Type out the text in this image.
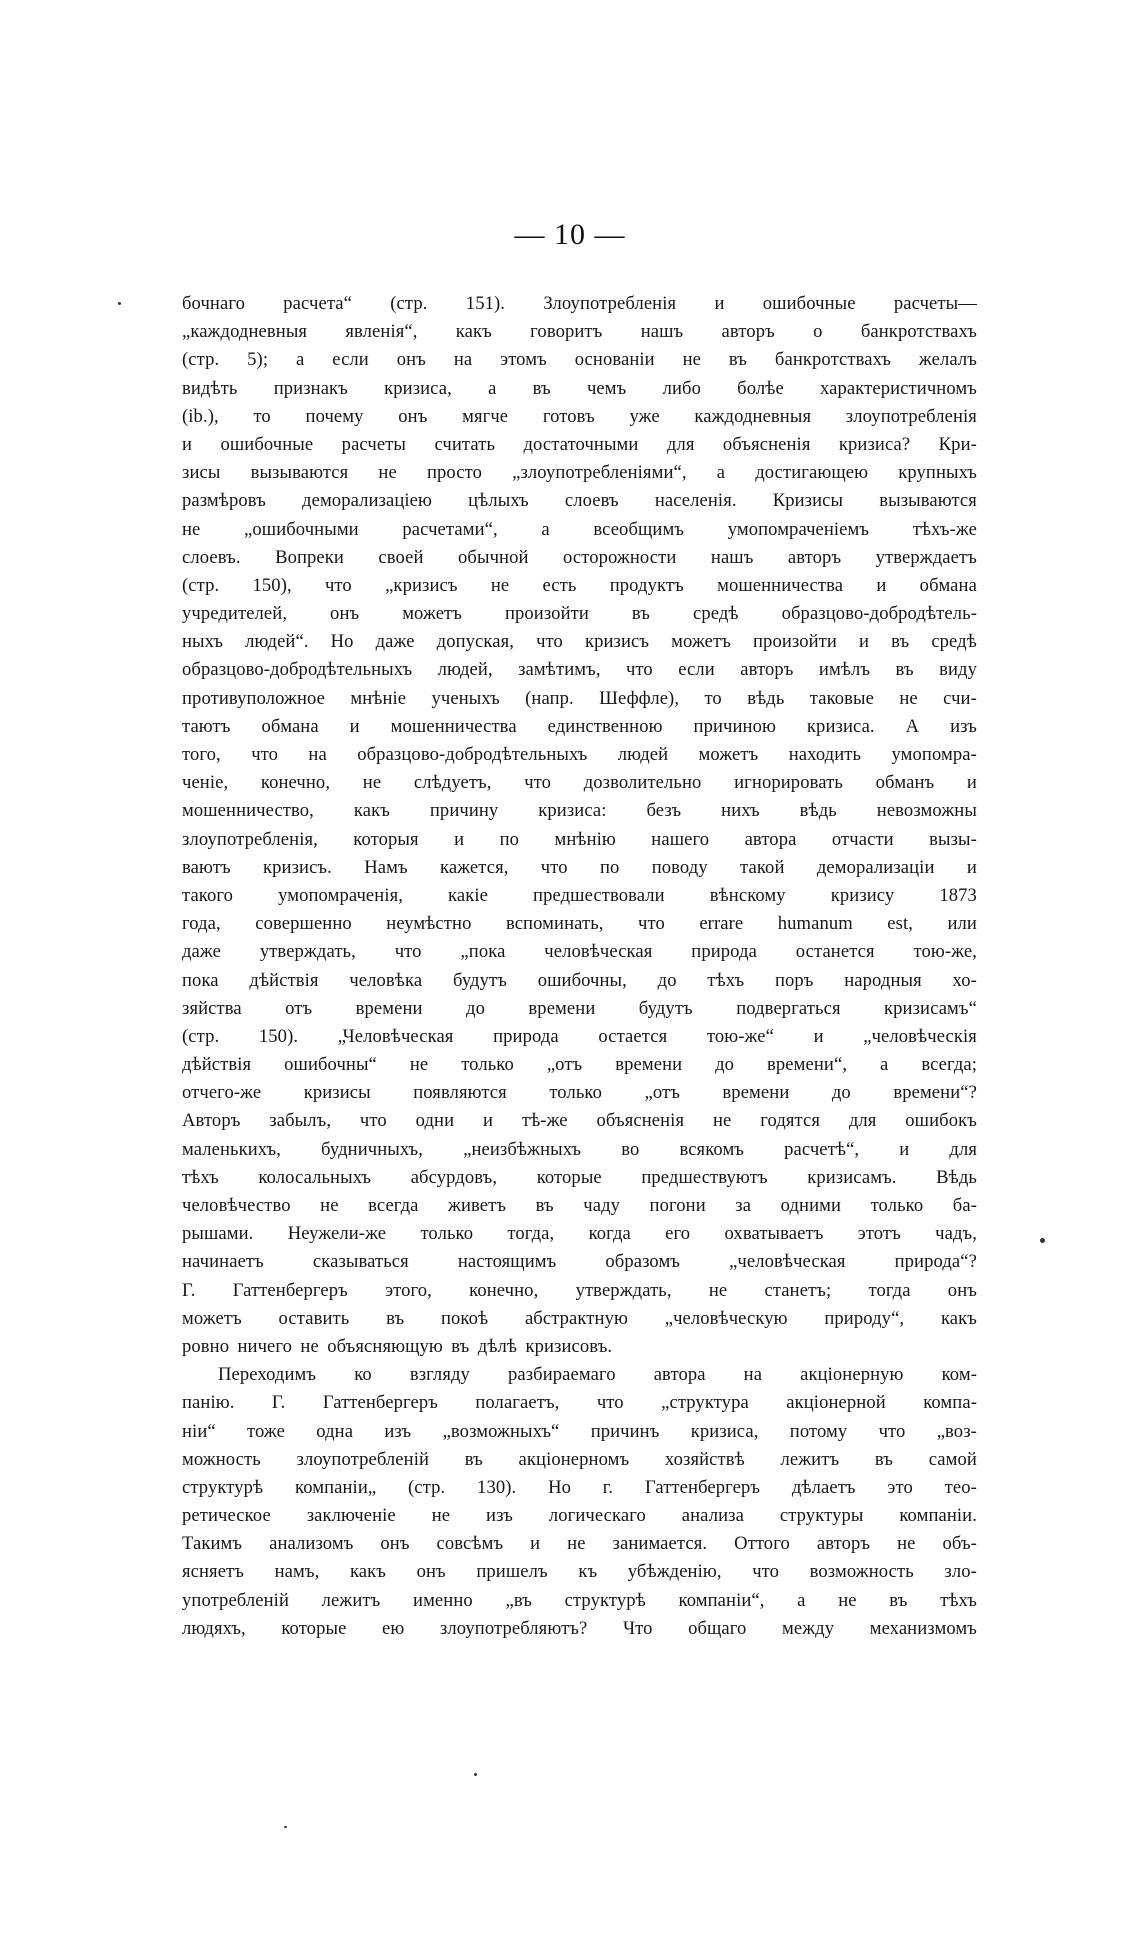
— 10 —
бочнаго расчета“ (стр. 151). Злоупотребленія и ошибочные расчеты—
„каждодневныя явленія“, какъ говоритъ нашъ авторъ о банкротствахъ
(стр. 5); а если онъ на этомъ основаніи не въ банкротствахъ желалъ
видѣть признакъ кризиса, а въ чемъ либо болѣе характеристичномъ
(ib.), то почему онъ мягче готовъ уже каждодневныя злоупотребленія
и ошибочные расчеты считать достаточными для объясненія кризиса? Кри-
зисы вызываются не просто „злоупотребленіями“, а достигающею крупныхъ
размѣровъ деморализаціею цѣлыхъ слоевъ населенія. Кризисы вызываются
не „ошибочными расчетами“, а всеобщимъ умопомраченіемъ тѣхъ-же
слоевъ. Вопреки своей обычной осторожности нашъ авторъ утверждаетъ
(стр. 150), что „кризисъ не есть продуктъ мошенничества и обмана
учредителей, онъ можетъ произойти въ средѣ образцово-добродѣтель-
ныхъ людей“. Но даже допуская, что кризисъ можетъ произойти и въ средѣ
образцово-добродѣтельныхъ людей, замѣтимъ, что если авторъ имѣлъ въ виду
противуположное мнѣніе ученыхъ (напр. Шеффле), то вѣдь таковые не счи-
таютъ обмана и мошенничества единственною причиною кризиса. А изъ
того, что на образцово-добродѣтельныхъ людей можетъ находить умопомра-
ченіе, конечно, не слѣдуетъ, что дозволительно игнорировать обманъ и
мошенничество, какъ причину кризиса: безъ нихъ вѣдь невозможны
злоупотребленія, которыя и по мнѣнію нашего автора отчасти вызы-
ваютъ кризисъ. Намъ кажется, что по поводу такой деморализаціи и
такого умопомраченія, какіе предшествовали вѣнскому кризису 1873
года, совершенно неумѣстно вспоминать, что errare humanum est, или
даже утверждать, что „пока человѣческая природа останется тою-же,
пока дѣйствія человѣка будутъ ошибочны, до тѣхъ поръ народныя хо-
зяйства отъ времени до времени будутъ подвергаться кризисамъ“
(стр. 150). „Человѣческая природа остается тою-же“ и „человѣческія
дѣйствія ошибочны“ не только „отъ времени до времени“, а всегда;
отчего-же кризисы появляются только „отъ времени до времени“?
Авторъ забылъ, что одни и тѣ-же объясненія не годятся для ошибокъ
маленькихъ, будничныхъ, „неизбѣжныхъ во всякомъ расчетѣ“, и для
тѣхъ колосальныхъ абсурдовъ, которые предшествуютъ кризисамъ. Вѣдь
человѣчество не всегда живетъ въ чаду погони за одними только ба-
рышами. Неужели-же только тогда, когда его охватываетъ этотъ чадъ,
начинаетъ	сказываться	настоящимъ	образомъ	„человѣческая	природа“?
Г. Гаттенбергеръ этого, конечно, утверждать, не станетъ; тогда онъ
можетъ оставить въ покоѣ абстрактную „человѣческую природу“, какъ
ровно ничего не объясняющую въ дѣлѣ кризисовъ.
Переходимъ ко взгляду разбираемаго автора на акціонерную ком-
панію. Г. Гаттенбергеръ полагаетъ, что „структура акціонерной компа-
ніи“ тоже одна изъ „возможныхъ“ причинъ кризиса, потому что „воз-
можность злоупотребленій въ акціонерномъ хозяйствѣ лежитъ въ самой
структурѣ компаніи„ (стр. 130). Но г. Гаттенбергеръ дѣлаетъ это тео-
ретическое заключеніе не изъ логическаго анализа структуры компаніи.
Такимъ анализомъ онъ совсѣмъ и не занимается. Оттого авторъ не объ-
ясняетъ намъ, какъ онъ пришелъ къ убѣжденію, что возможность зло-
употребленій лежитъ именно „въ структурѣ компаніи“, а не въ тѣхъ
людяхъ, которые ею злоупотребляютъ? Что общаго между механизмомъ
